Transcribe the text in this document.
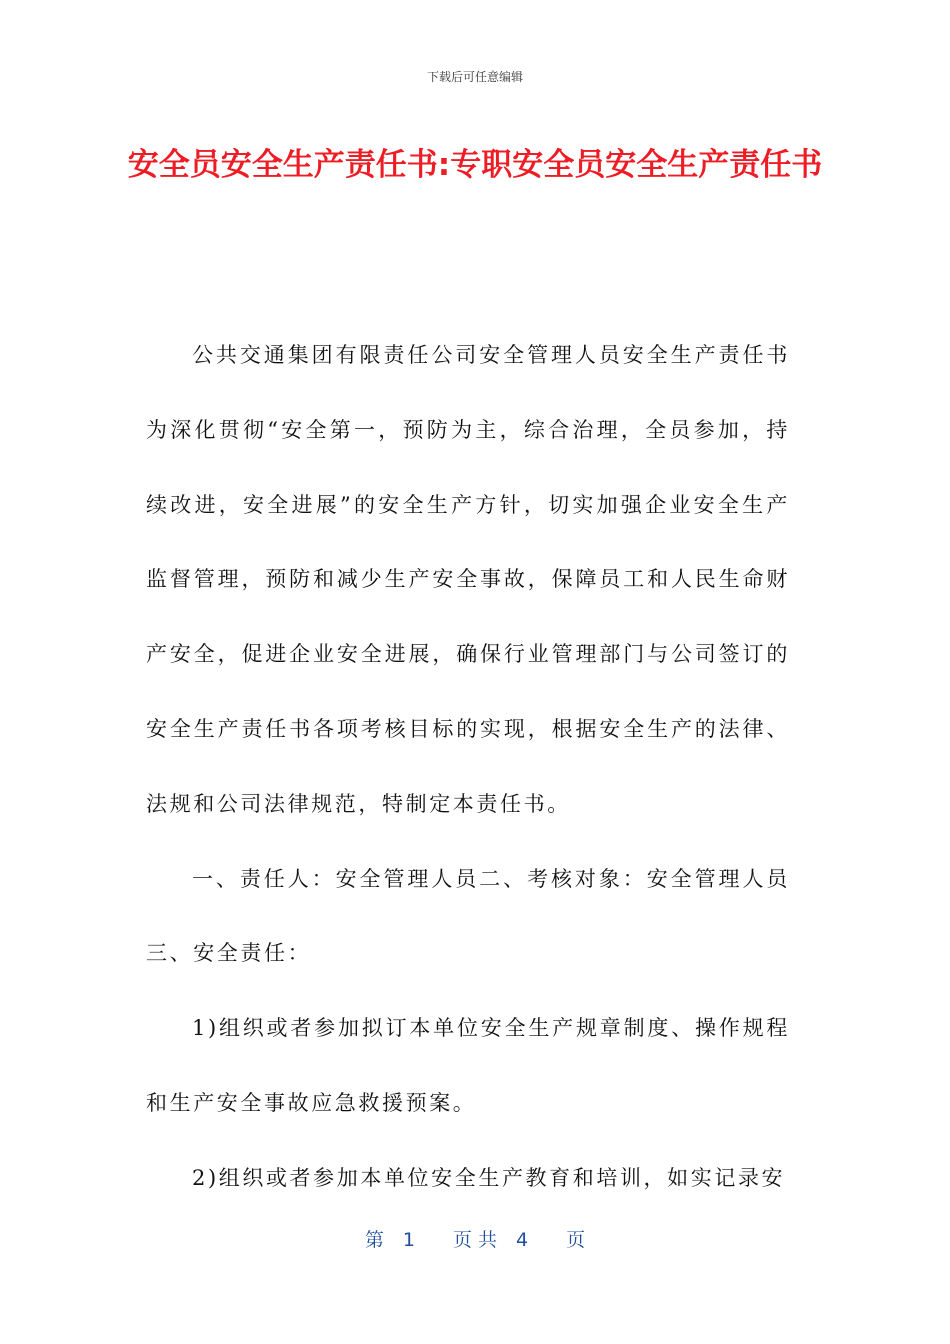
下载后可任意编辑
安全员安全生产责任书:专职安全员安全生产责任书

公共交通集团有限责任公司安全管理人员安全生产责任书为深化贯彻“安全第一，预防为主，综合治理，全员参加，持续改进，安全进展”的安全生产方针，切实加强企业安全生产监督管理，预防和减少生产安全事故，保障员工和人民生命财产安全，促进企业安全进展，确保行业管理部门与公司签订的安全生产责任书各项考核目标的实现，根据安全生产的法律、法规和公司法律规范，特制定本责任书。

一、责任人：安全管理人员二、考核对象：安全管理人员三、安全责任：

1)组织或者参加拟订本单位安全生产规章制度、操作规程和生产安全事故应急救援预案。

2)组织或者参加本单位安全生产教育和培训，如实记录安

第　1　　页 共　4　　页
